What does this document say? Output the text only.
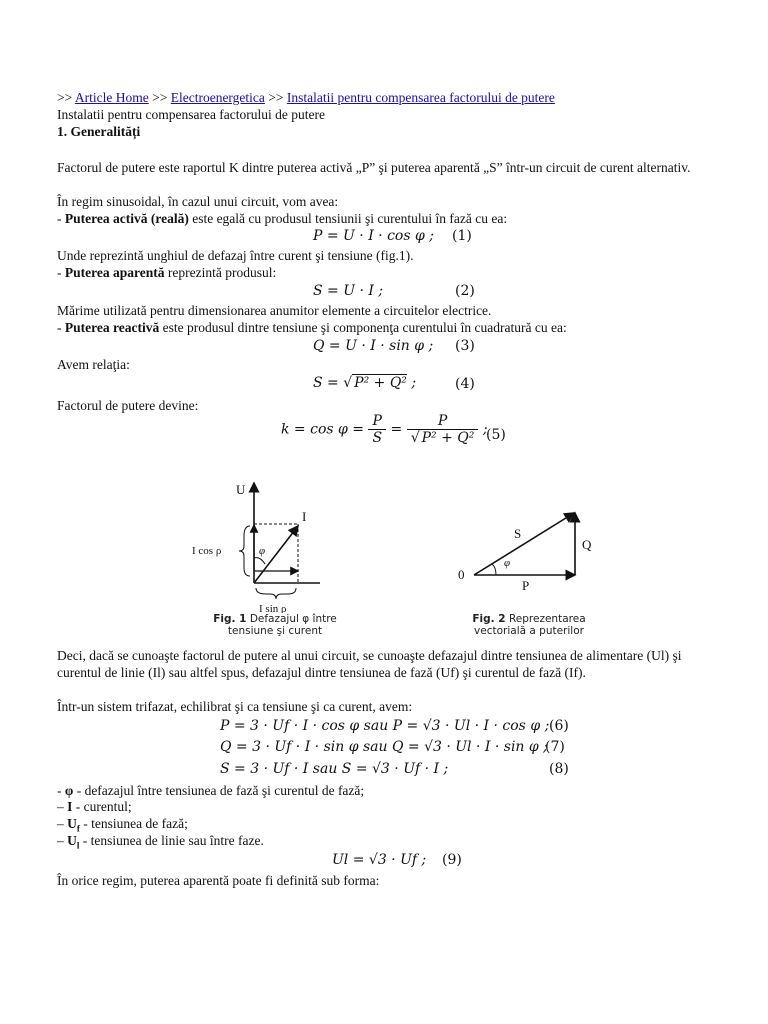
>> Article Home >> Electroenergetica >> Instalatii pentru compensarea factorului de putere
Instalatii pentru compensarea factorului de putere
1. Generalități
Factorul de putere este raportul K dintre puterea activă „P” şi puterea aparentă „S” într-un circuit de curent alternativ.
În regim sinusoidal, în cazul unui circuit, vom avea:
- Puterea activă (reală) este egală cu produsul tensiunii şi curentului în fază cu ea:
P = U · I · cos φ ; (1)
Unde reprezintă unghiul de defazaj între curent şi tensiune (fig.1).
- Puterea aparentă reprezintă produsul:
S = U · I ;	(2)
Mărime utilizată pentru dimensionarea anumitor elemente a circuitelor electrice.
- Puterea reactivă este produsul dintre tensiune şi componenţa curentului în cuadratură cu ea:
Q = U · I · sin φ ; (3)
Avem relaţia:
S = √ P² + Q² ;	(4)
Factorul de putere devine:
$k = \cos \varphi = \frac{P}{S} = \frac{P}{\text{√ P² + Q²}}$ ;
(5)
U
I
I cos ρ
I sin ρ
φ
Fig. 1 Defazajul φ între tensiune şi curent
φ
S
Q
P
0
Fig. 2 Reprezentarea vectorială a puterilor
Deci, dacă se cunoaşte factorul de putere al unui circuit, se cunoaşte defazajul dintre tensiunea de alimentare (Ul) şi curentul de linie (Il) sau altfel spus, defazajul dintre tensiunea de fază (Uf) şi curentul de fază (If).
Într-un sistem trifazat, echilibrat şi ca tensiune şi ca curent, avem:
P = 3 · Uf · I · cos φ sau P = √3 · Ul · I · cos φ ; (6)
Q = 3 · Uf · I · sin φ sau Q = √3 · Ul · I · sin φ ;
(7)
S = 3 · Uf · I sau S = √3 · Uf · I ;	(8)
- φ - defazajul între tensiunea de fază şi curentul de fază;
– I - curentul;
– $U_f$ - tensiunea de fază;
– $U_l$ - tensiunea de linie sau între faze.
Ul = √3 · Uf ; (9)
În orice regim, puterea aparentă poate fi definită sub forma:
